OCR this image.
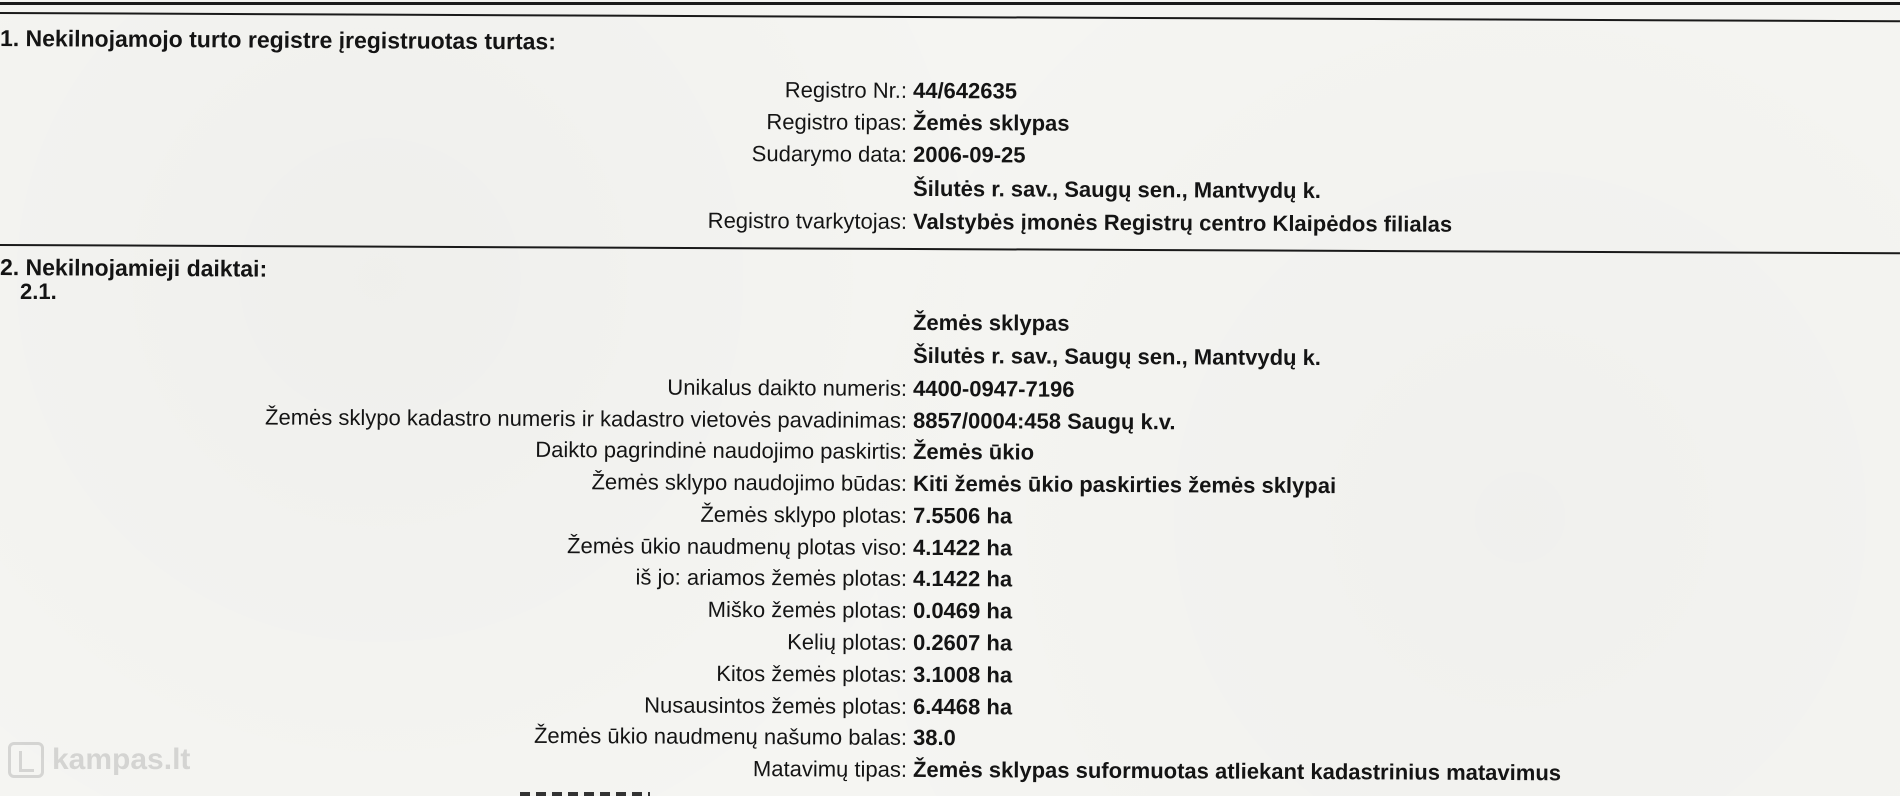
1. Nekilnojamojo turto registre įregistruotas turtas:
Registro Nr.: 44/642635
Registro tipas: Žemės sklypas
Sudarymo data: 2006-09-25
Šilutės r. sav., Saugų sen., Mantvydų k.
Registro tvarkytojas: Valstybės įmonės Registrų centro Klaipėdos filialas
2. Nekilnojamieji daiktai:
2.1.
Žemės sklypas
Šilutės r. sav., Saugų sen., Mantvydų k.
Unikalus daikto numeris: 4400-0947-7196
Žemės sklypo kadastro numeris ir kadastro vietovės pavadinimas: 8857/0004:458 Saugų k.v.
Daikto pagrindinė naudojimo paskirtis: Žemės ūkio
Žemės sklypo naudojimo būdas: Kiti žemės ūkio paskirties žemės sklypai
Žemės sklypo plotas: 7.5506 ha
Žemės ūkio naudmenų plotas viso: 4.1422 ha
iš jo: ariamos žemės plotas: 4.1422 ha
Miško žemės plotas: 0.0469 ha
Kelių plotas: 0.2607 ha
Kitos žemės plotas: 3.1008 ha
Nusausintos žemės plotas: 6.4468 ha
Žemės ūkio naudmenų našumo balas: 38.0
Matavimų tipas: Žemės sklypas suformuotas atliekant kadastrinius matavimus
kampas.lt
